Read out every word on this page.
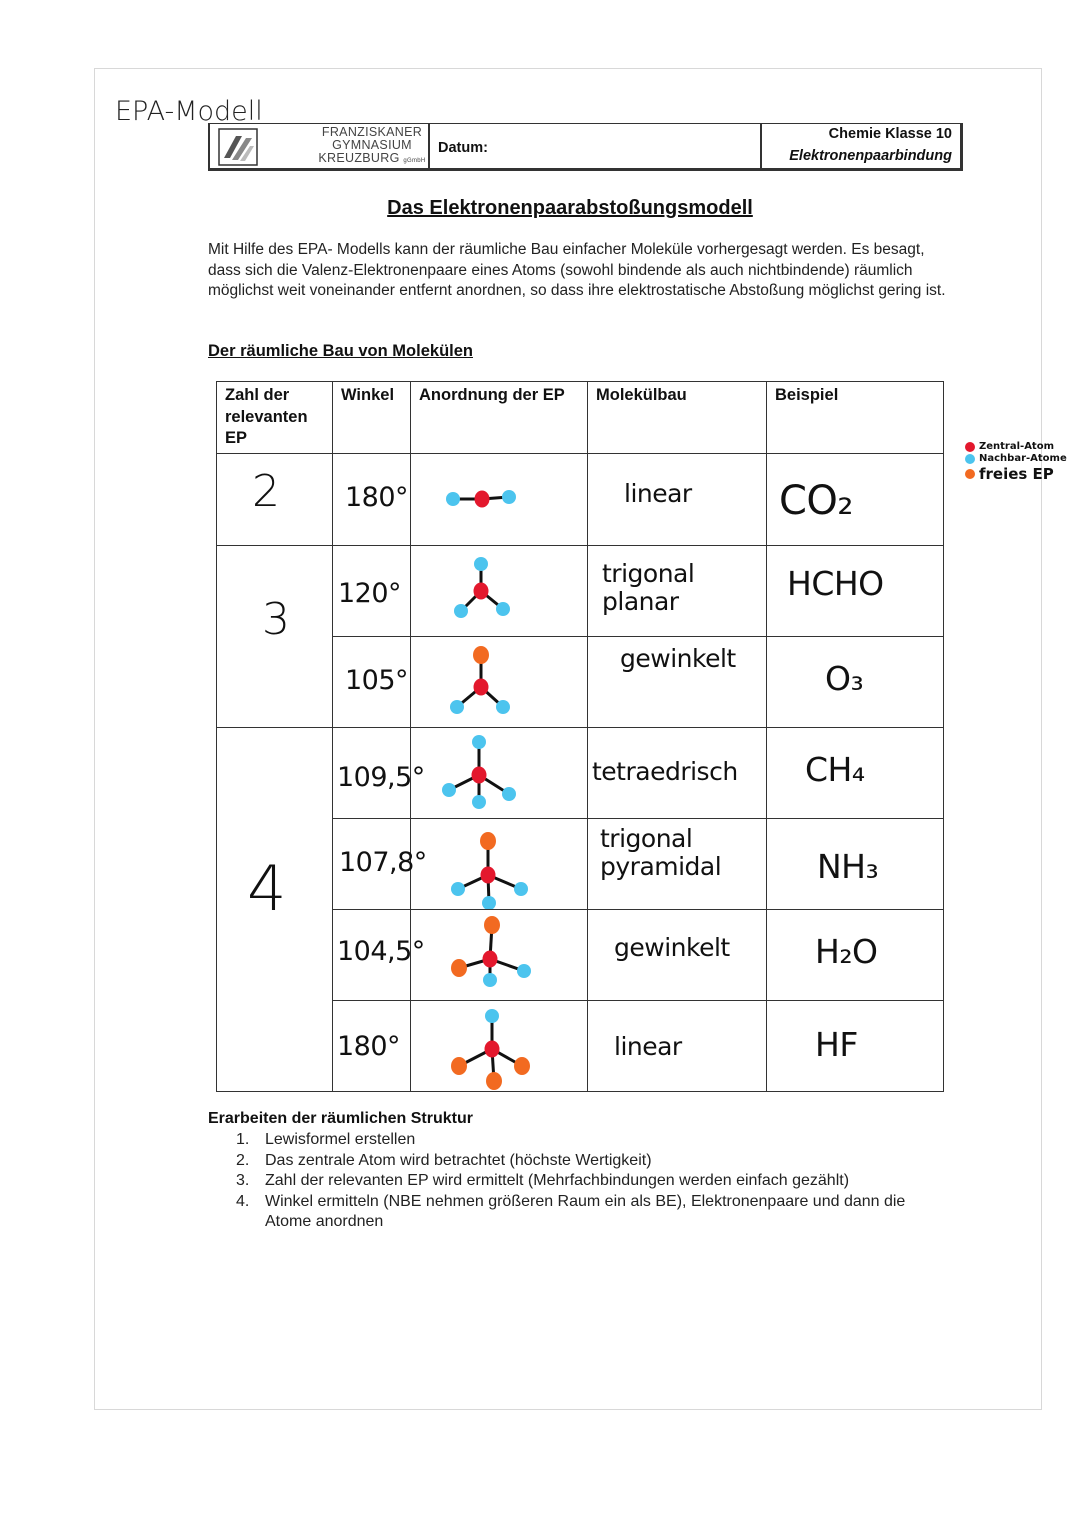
EPA-Modell
FRANZISKANER
GYMNASIUM
KREUZBURG gGmbH
Datum:
Chemie Klasse 10
Elektronenpaarbindung
Das Elektronenpaarabstoßungsmodell
Mit Hilfe des EPA- Modells kann der räumliche Bau einfacher Moleküle vorhergesagt werden. Es besagt, dass sich die Valenz-Elektronenpaare eines Atoms (sowohl bindende als auch nichtbindende) räumlich möglichst weit voneinander entfernt anordnen, so dass ihre elektrostatische Abstoßung möglichst gering ist.
Der räumliche Bau von Molekülen
Zahl der relevanten EP	Winkel	Anordnung der EP	Molekülbau	Beispiel

2	180°		linear	CO₂

3	120°		trigonal planar	HCHO

	105°		gewinkelt	O₃

4	109,5°		tetraedrisch	CH₄

	107,8°		trigonal pyramidal	NH₃

	104,5°		gewinkelt	H₂O

	180°		linear	HF
Zentral-Atom
Nachbar-Atome
freies EP
Erarbeiten der räumlichen Struktur
1. Lewisformel erstellen
2. Das zentrale Atom wird betrachtet (höchste Wertigkeit)
3. Zahl der relevanten EP wird ermittelt (Mehrfachbindungen werden einfach gezählt)
4. Winkel ermitteln (NBE nehmen größeren Raum ein als BE), Elektronenpaare und dann die Atome anordnen
